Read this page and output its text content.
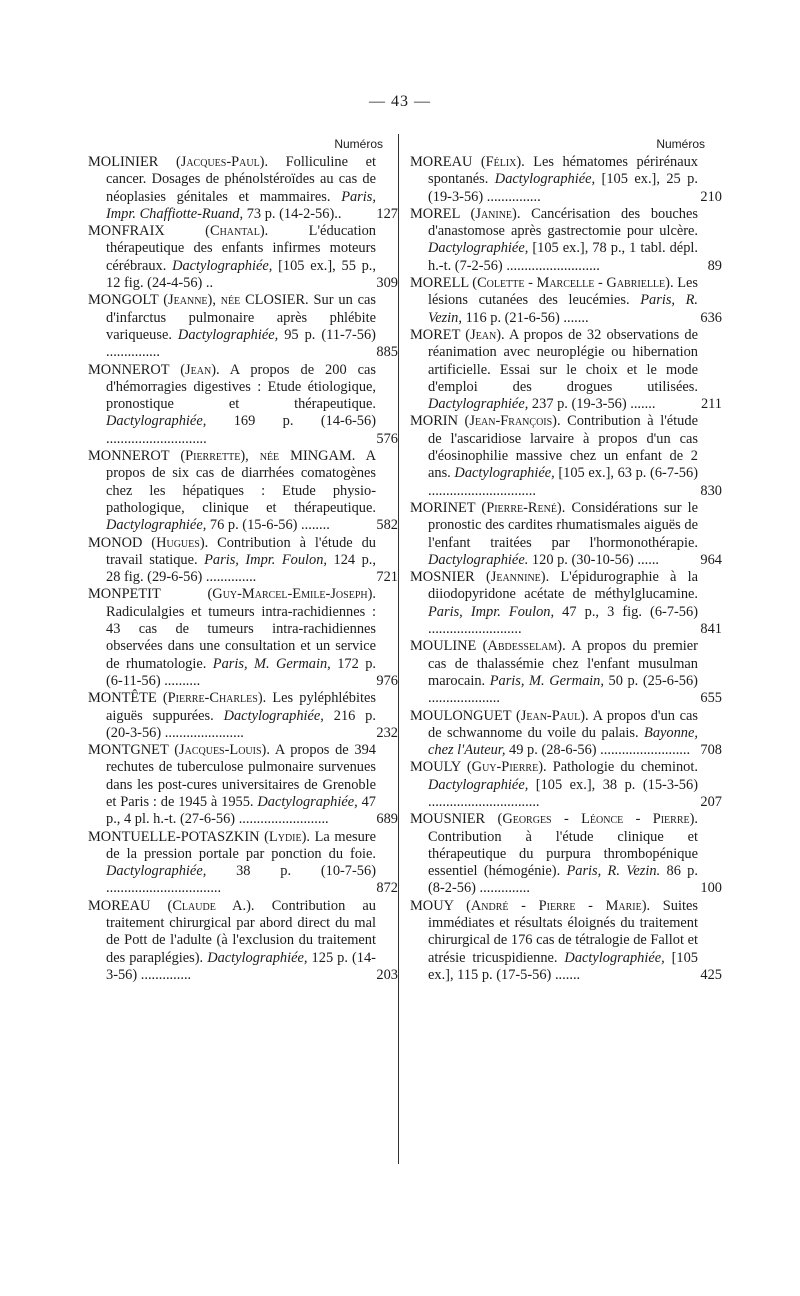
— 43 —
Numéros

MOLINIER (Jacques-Paul). Folliculine et cancer. Dosages de phénolstéroïdes au cas de néoplasies génitales et mammaires. Paris, Impr. Chaffiotte-Ruand, 73 p. (14-2-56).. 127

MONFRAIX	(Chantal).	L'éducation thérapeutique des enfants infirmes moteurs cérébraux. Dactylographiée, [105 ex.], 55 p., 12 fig. (24-4-56) ..	309

MONGOLT (Jeanne), née CLOSIER. Sur un cas d'infarctus pulmonaire après phlébite variqueuse. Dactylographiée, 95 p. (11-7-56) ...............	885

MONNEROT (Jean). A propos de 200 cas d'hémorragies digestives : Etude étiologique, pronostique et thérapeutique. Dactylographiée, 169 p. (14-6-56) ............................	576

MONNEROT (Pierrette), née MINGAM. A propos de six cas de diarrhées comatogènes chez les hépatiques : Etude physio-pathologique, clinique et thérapeutique. Dactylographiée, 76 p. (15-6-56) ........	582

MONOD (Hugues). Contribution à l'étude du travail statique. Paris, Impr. Foulon, 124 p., 28 fig. (29-6-56) ..............	721

MONPETIT	(Guy-Marcel-Emile-Joseph). Radiculalgies et tumeurs intra-rachidiennes : 43 cas de tumeurs intra-rachidiennes observées dans une consultation et un service de rhumatologie. Paris, M. Germain, 172 p. (6-11-56) ..........	976

MONTÊTE (Pierre-Charles). Les pyléphlébites aiguës suppurées. Dactylographiée, 216 p. (20-3-56) ......................	232

MONTGNET (Jacques-Louis). A propos de 394 rechutes de tuberculose pulmonaire survenues dans les post-cures universitaires de Grenoble et Paris : de 1945 à 1955. Dactylographiée, 47 p., 4 pl. h.-t. (27-6-56) .........................	689

MONTUELLE-POTASZKIN (Lydie). La mesure de la pression portale par ponction du foie. Dactylographiée, 38 p. (10-7-56) ................................	872

MOREAU (Claude A.). Contribution au traitement chirurgical par abord direct du mal de Pott de l'adulte (à l'exclusion du traitement des paraplégies). Dactylographiée, 125 p. (14-3-56) ..............	203

Numéros

MOREAU (Félix). Les hématomes périrénaux spontanés. Dactylographiée, [105 ex.], 25 p. (19-3-56) ...............	210

MOREL (Janine). Cancérisation des bouches d'anastomose après gastrectomie pour ulcère. Dactylographiée, [105 ex.], 78 p., 1 tabl. dépl. h.-t. (7-2-56) ..........................	89

MORELL (Colette - Marcelle - Gabrielle). Les lésions cutanées des leucémies. Paris, R. Vezin, 116 p. (21-6-56) .......	636

MORET (Jean). A propos de 32 observations de réanimation avec neuroplégie ou hibernation artificielle. Essai sur le choix et le mode d'emploi des drogues utilisées. Dactylographiée, 237 p. (19-3-56) .......	211

MORIN (Jean-François). Contribution à l'étude de l'ascaridiose larvaire à propos d'un cas d'éosinophilie massive chez un enfant de 2 ans. Dactylographiée, [105 ex.], 63 p. (6-7-56) ..............................	830

MORINET (Pierre-René). Considérations sur le pronostic des cardites rhumatismales aiguës de l'enfant traitées par l'hormonothérapie. Dactylographiée. 120 p. (30-10-56) ......	964

MOSNIER (Jeannine). L'épidurographie à la diiodopyridone acétate de méthylglucamine. Paris, Impr. Foulon, 47 p., 3 fig. (6-7-56) ..........................	841

MOULINE (Abdesselam). A propos du premier cas de thalassémie chez l'enfant musulman marocain. Paris, M. Germain, 50 p. (25-6-56) ....................	655

MOULONGUET (Jean-Paul). A propos d'un cas de schwannome du voile du palais. Bayonne, chez l'Auteur, 49 p. (28-6-56) ......................... 708

MOULY (Guy-Pierre). Pathologie du cheminot. Dactylographiée, [105 ex.], 38 p. (15-3-56) ...............................	207

MOUSNIER (Georges - Léonce - Pierre). Contribution à l'étude clinique et thérapeutique du purpura thrombopénique essentiel (hémogénie). Paris, R. Vezin. 86 p. (8-2-56) ..............	100

MOUY (André - Pierre - Marie). Suites immédiates et résultats éloignés du traitement chirurgical de 176 cas de tétralogie de Fallot et atrésie tricuspidienne. Dactylographiée, [105 ex.], 115 p. (17-5-56) .......	425
